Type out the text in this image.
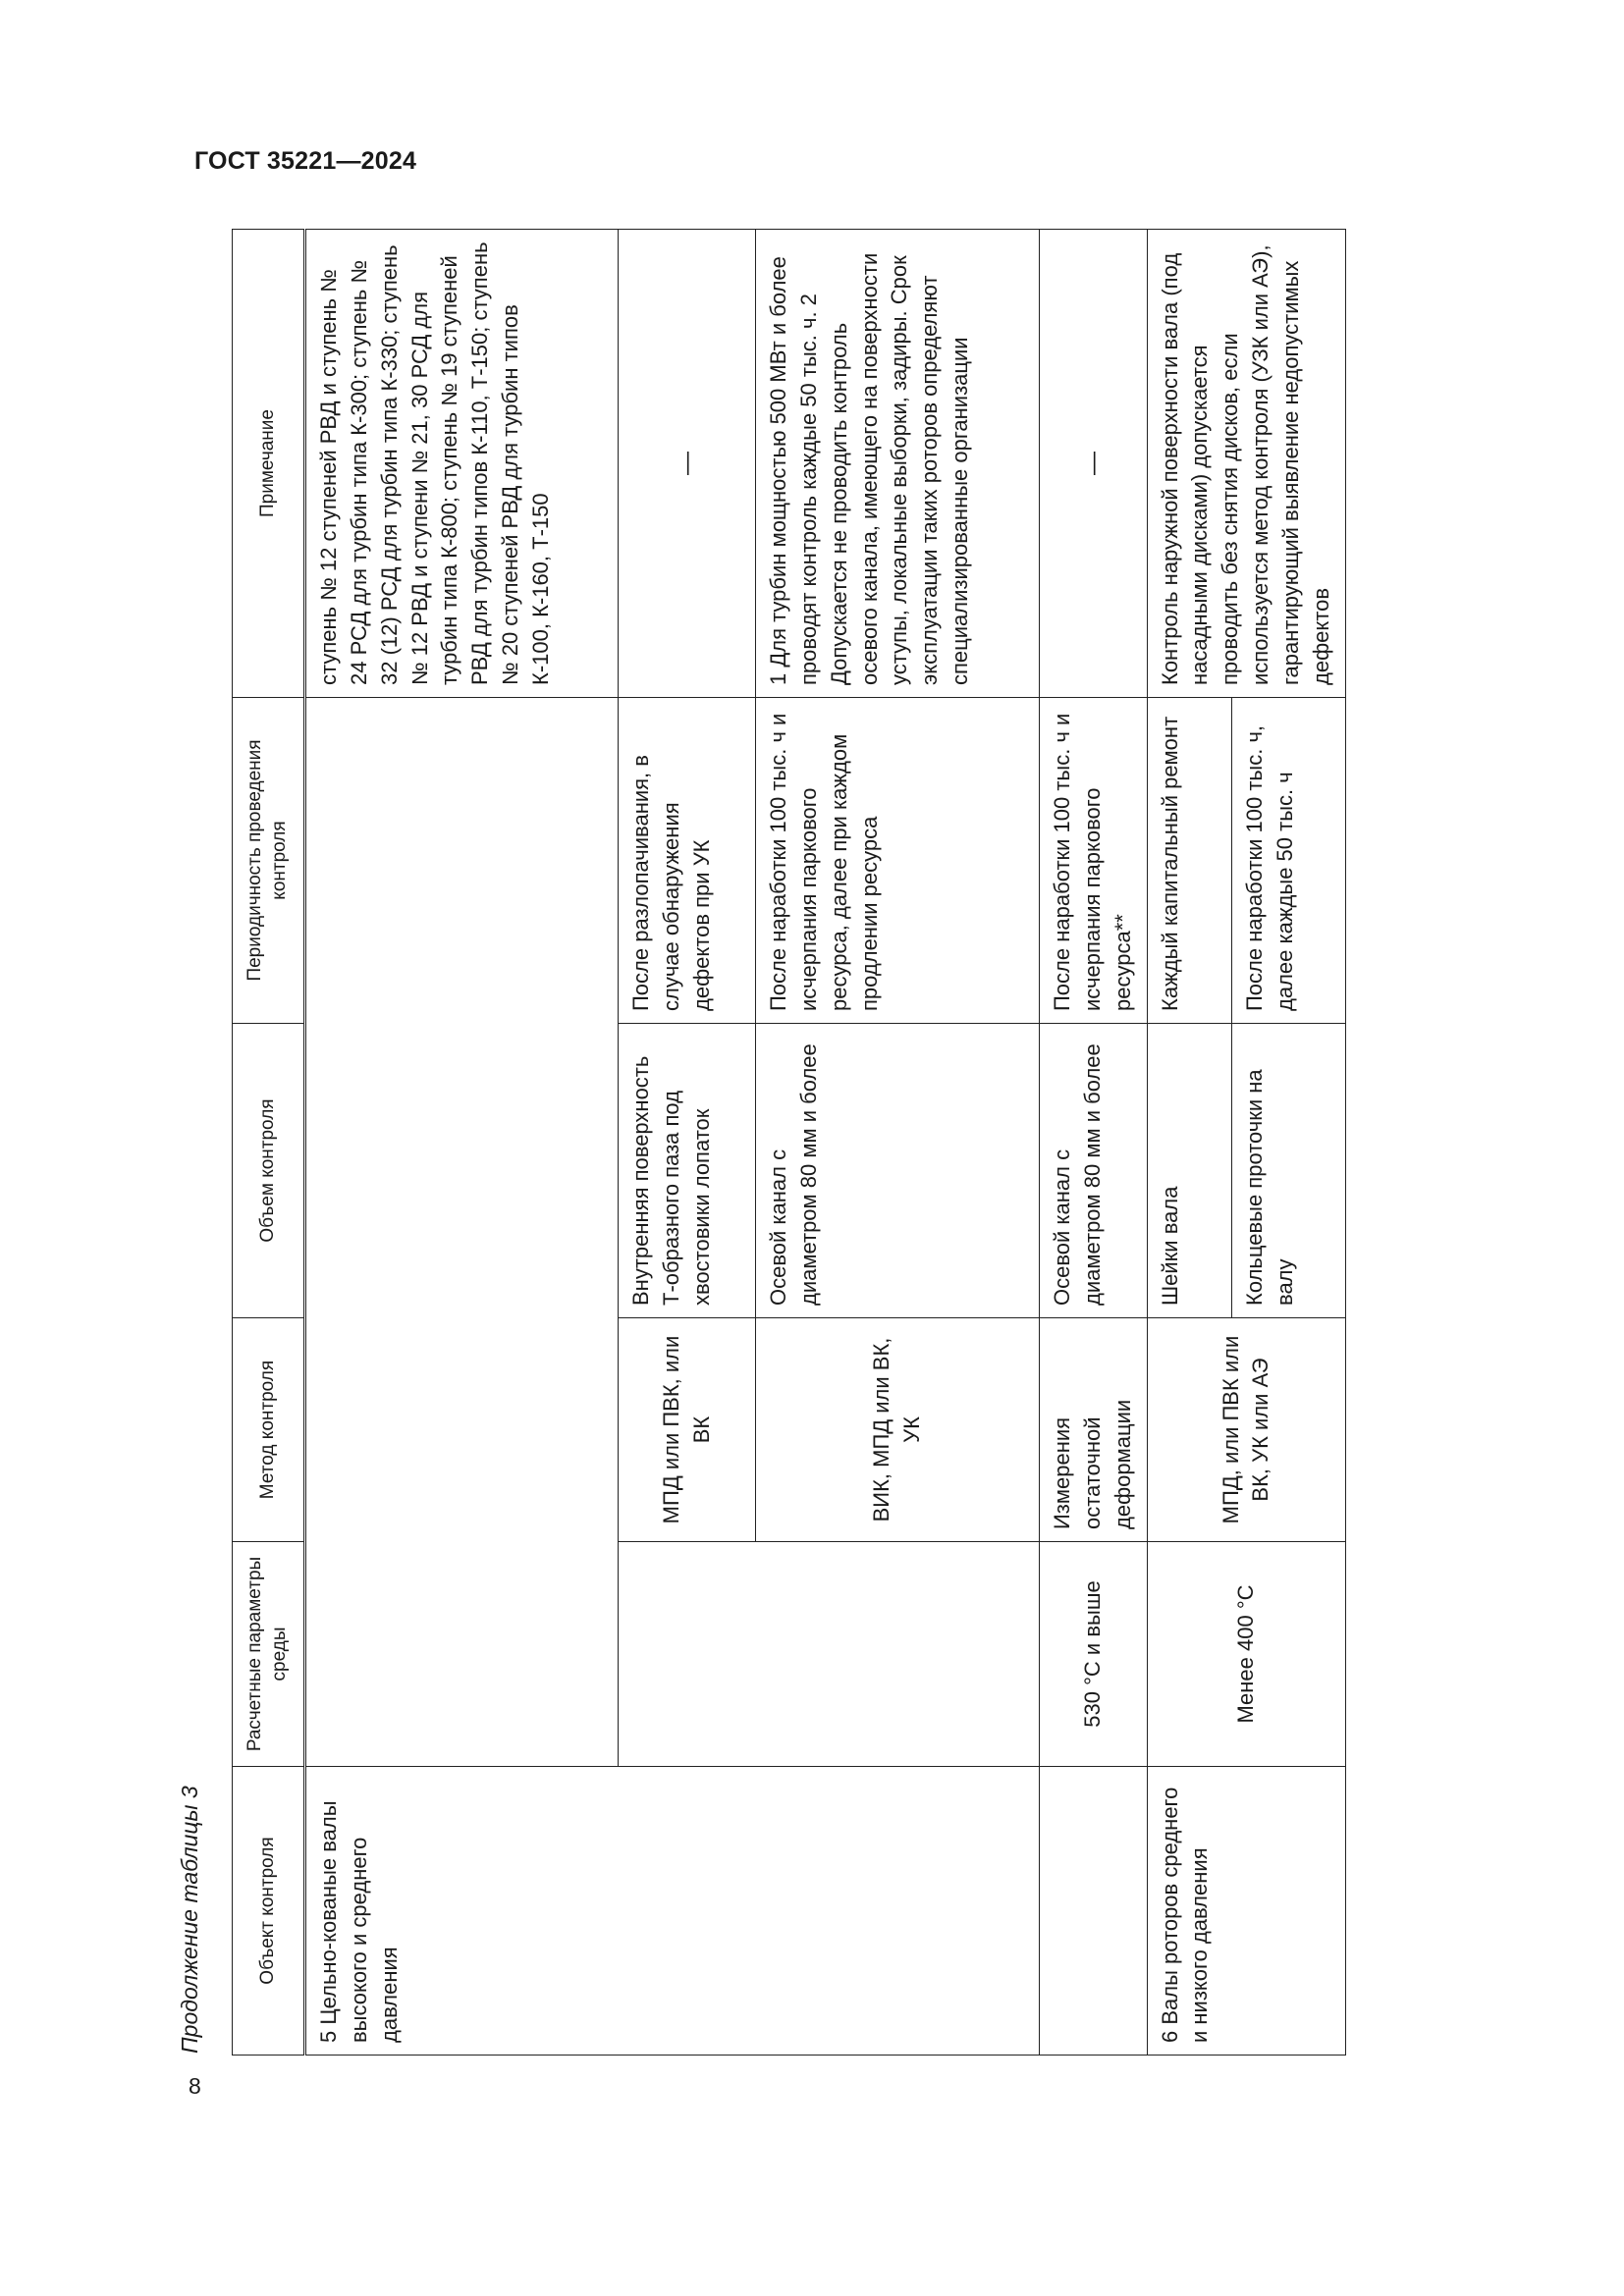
ГОСТ 35221—2024
Продолжение таблицы 3
8
Объект контроля	Расчетные параметры среды	Метод контроля	Объем контроля	Периодичность проведения контроля	Примечание
5 Цельно-кованые валы высокого и среднего давления					ступень № 12 ступеней РВД и ступень № 24 РСД для турбин типа К-300; ступень № 32 (12) РСД для турбин типа К-330; ступень № 12 РВД и ступени № 21, 30 РСД для турбин типа К-800; ступень № 19 ступеней РВД для турбин типов К-110, Т-150; ступень № 20 ступеней РВД для турбин типов К-100, К-160, Т-150
		МПД или ПВК, или ВК	Внутренняя поверхность Т-образного паза под хвостовики лопаток	После разлопачивания, в случае обнаружения дефектов при УК	—
		ВИК, МПД или ВК, УК	Осевой канал с диаметром 80 мм и более	После наработки 100 тыс. ч и исчерпания паркового ресурса, далее при каждом продлении ресурса	1 Для турбин мощностью 500 МВт и более проводят контроль каждые 50 тыс. ч. 2 Допускается не проводить контроль осевого канала, имеющего на поверхности уступы, локальные выборки, задиры. Срок эксплуатации таких роторов определяют специализированные организации
	530 °С и выше	Измерения остаточной деформации	Осевой канал с диаметром 80 мм и более	После наработки 100 тыс. ч и исчерпания паркового ресурса**	—
6 Валы роторов среднего и низкого давления	Менее 400 °С	МПД, или ПВК или ВК, УК или АЭ	Шейки вала	Каждый капитальный ремонт	Контроль наружной поверхности вала (под насадными дисками) допускается проводить без снятия дисков, если используется метод контроля (УЗК или АЭ), гарантирующий выявление недопустимых дефектов
			Кольцевые проточки на валу	После наработки 100 тыс. ч, далее каждые 50 тыс. ч	
